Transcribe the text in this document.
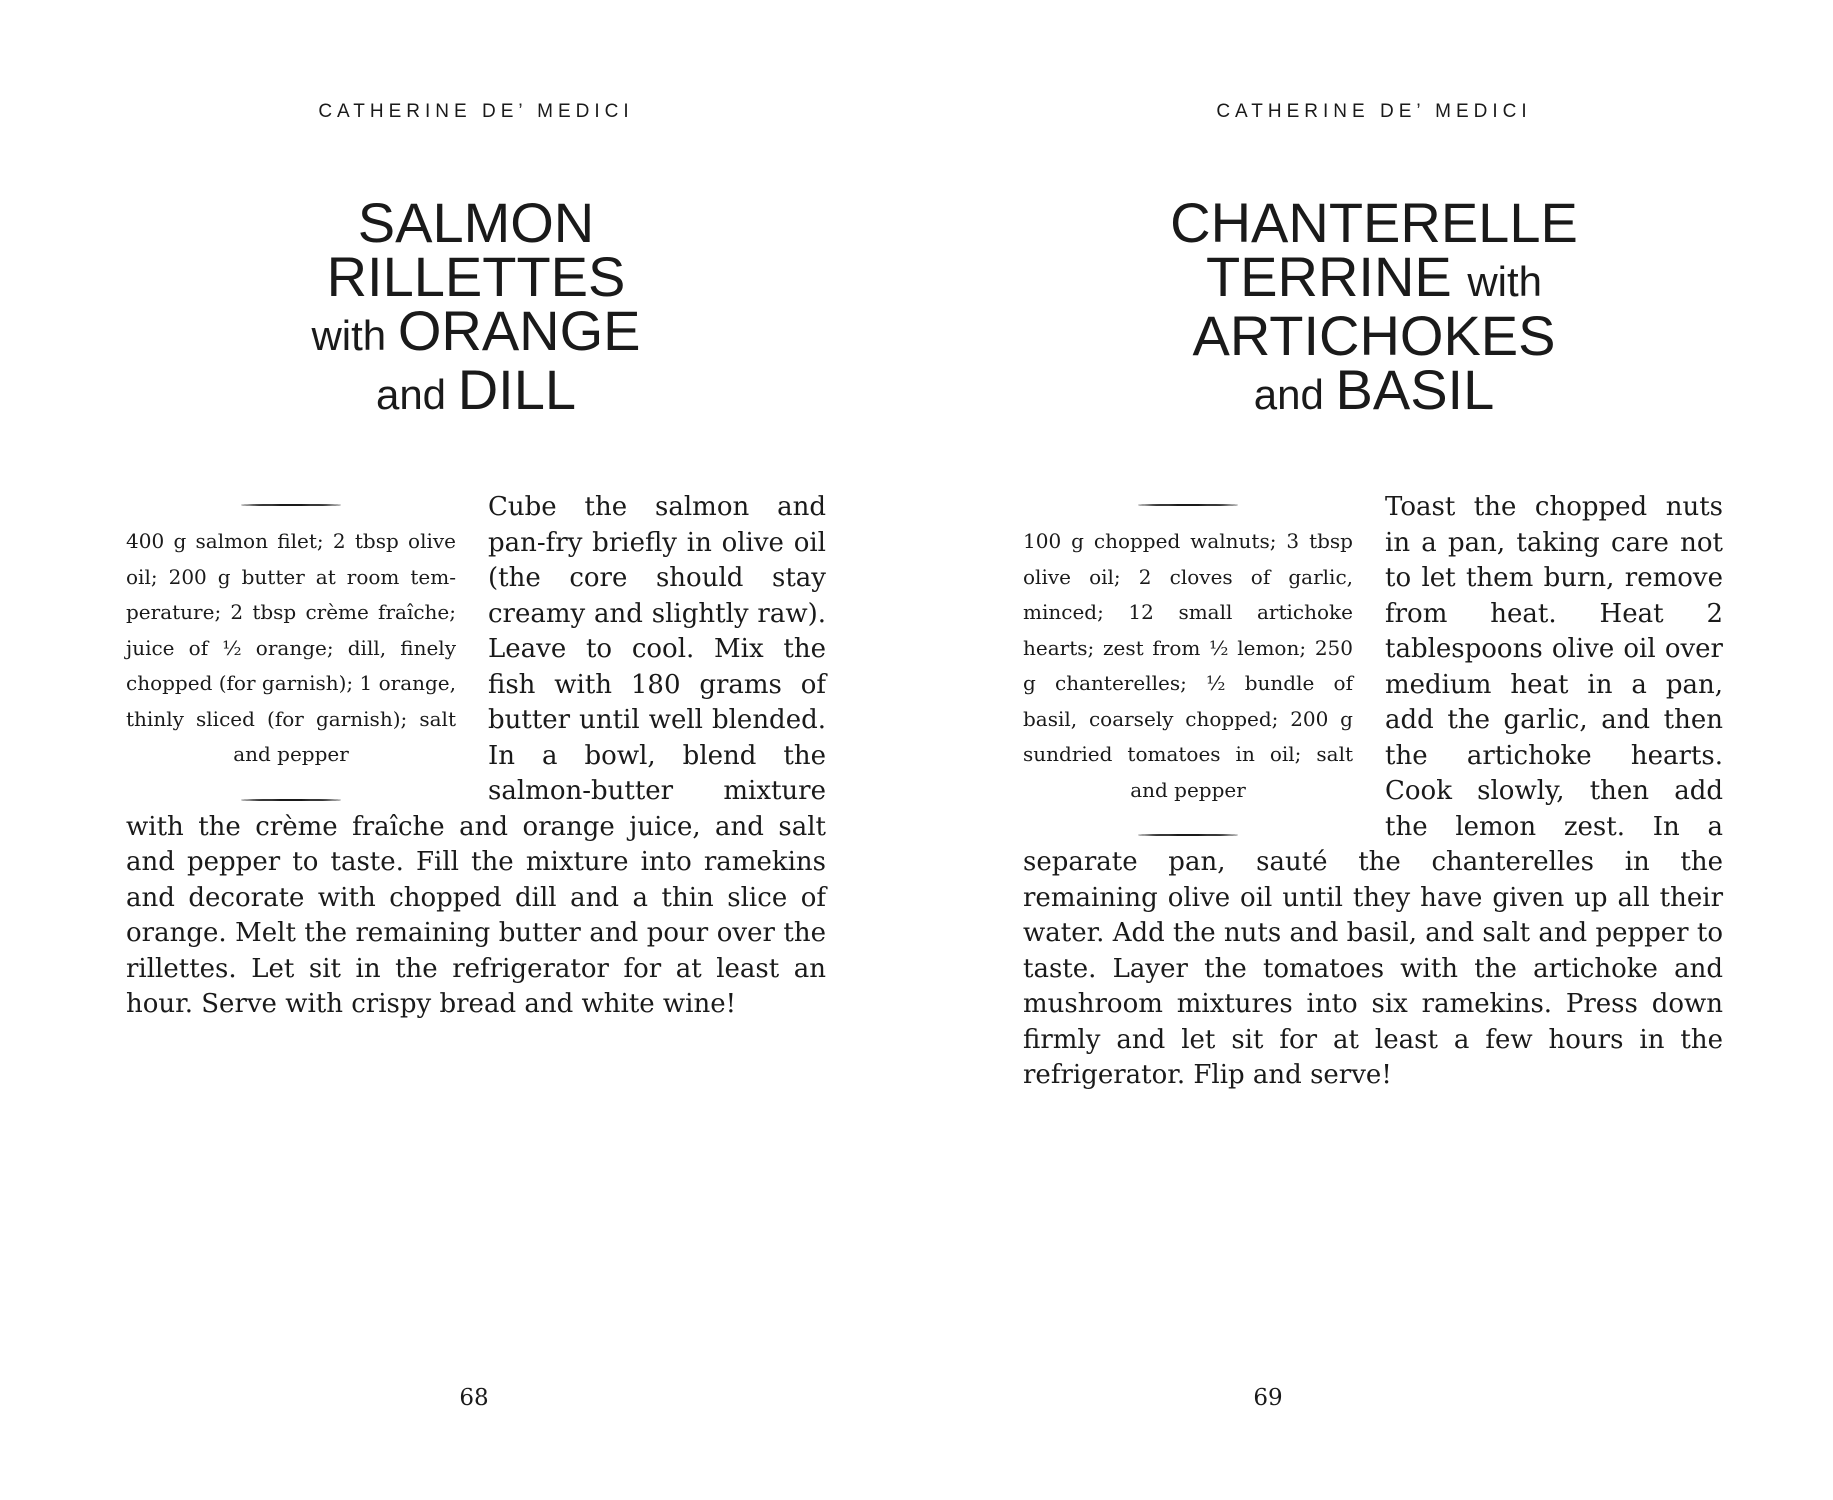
CATHERINE DE’ MEDICI
SALMON
RILLETTES
with ORANGE
and DILL

400 g salmon filet; 2 tbsp olive oil; 200 g butter at room temperature; 2 tbsp crème fraîche; juice of ½ orange; dill, finely chopped (for garnish); 1 orange, thinly sliced (for garnish); salt and pepper

Cube the salmon and pan-fry briefly in olive oil (the core should stay creamy and slightly raw). Leave to cool. Mix the fish with 180 grams of butter until well blended. In a bowl, blend the salmon-butter mixture with the crème fraîche and orange juice, and salt and pepper to taste. Fill the mixture into ramekins and decorate with chopped dill and a thin slice of orange. Melt the remaining butter and pour over the rillettes. Let sit in the refrigerator for at least an hour. Serve with crispy bread and white wine!

68
CATHERINE DE’ MEDICI
CHANTERELLE
TERRINE with
ARTICHOKES
and BASIL

100 g chopped walnuts; 3 tbsp olive oil; 2 cloves of garlic, minced; 12 small artichoke hearts; zest from ½ lemon; 250 g chanterelles; ½ bundle of basil, coarsely chopped; 200 g sundried tomatoes in oil; salt and pepper

Toast the chopped nuts in a pan, taking care not to let them burn, remove from heat. Heat 2 tablespoons olive oil over medium heat in a pan, add the garlic, and then the artichoke hearts. Cook slowly, then add the lemon zest. In a separate pan, sauté the chanterelles in the remaining olive oil until they have given up all their water. Add the nuts and basil, and salt and pepper to taste. Layer the tomatoes with the artichoke and mushroom mixtures into six ramekins. Press down firmly and let sit for at least a few hours in the refrigerator. Flip and serve!

69
